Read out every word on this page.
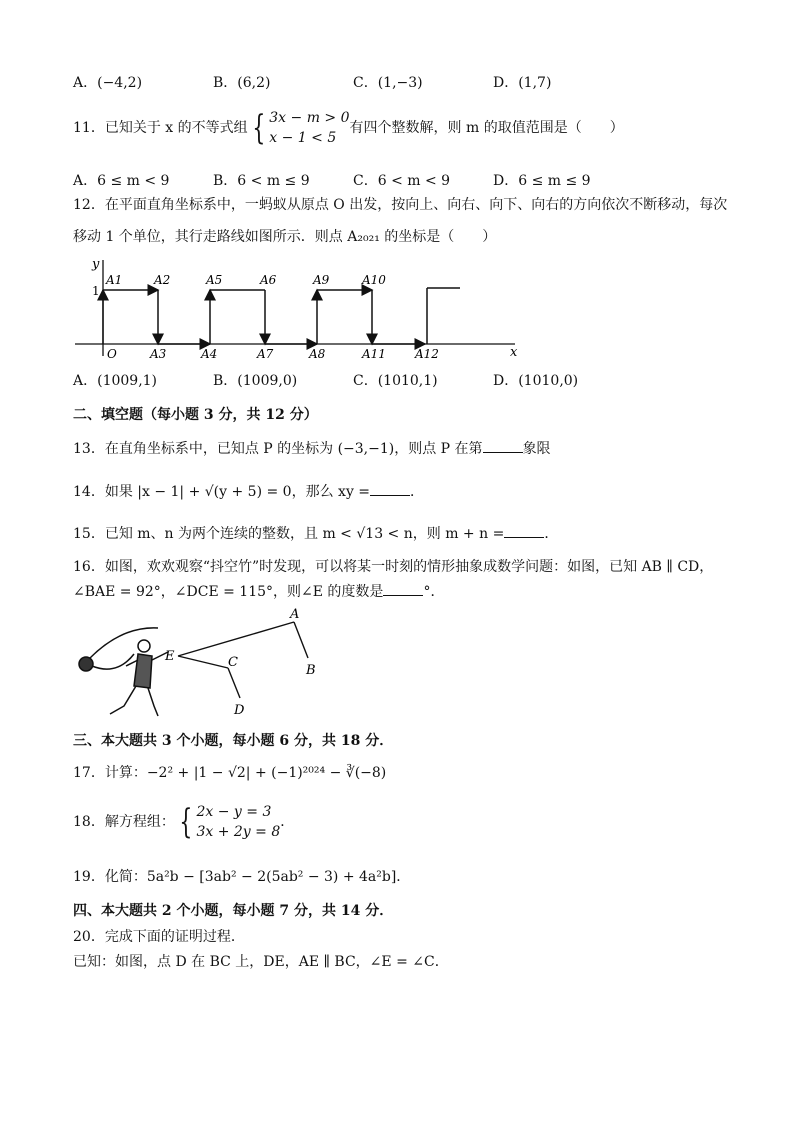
A．(−4,2)	B．(6,2)	C．(1,−3)	D．(1,7)
11．已知关于 x 的不等式组 { 3x − m > 0
x − 1 < 5有四个整数解，则 m 的取值范围是（　　）
A．6 ≤ m < 9	B．6 < m ≤ 9	C．6 < m < 9	D．6 ≤ m ≤ 9
12．在平面直角坐标系中，一蚂蚁从原点 O 出发，按向上、向右、向下、向右的方向依次不断移动，每次
移动 1 个单位，其行走路线如图所示．则点 A₂₀₂₁ 的坐标是（　　）
y
x
1
O
A1	A2	A5	A6	A9	A10
A3	A4	A7	A8	A11 A12
A．(1009,1)	B．(1009,0)	C．(1010,1)	D．(1010,0)
二、填空题（每小题 3 分，共 12 分）
13．在直角坐标系中，已知点 P 的坐标为 (−3,−1)，则点 P 在第	象限
14．如果 |x − 1| + √(y + 5) = 0，那么 xy =	．
15．已知 m、n 为两个连续的整数，且 m < √13 < n，则 m + n =	．
16．如图，欢欢观察“抖空竹”时发现，可以将某一时刻的情形抽象成数学问题：如图，已知 AB ∥ CD，
∠BAE = 92°，∠DCE = 115°，则∠E 的度数是	°．
E
A
B
C
D
三、本大题共 3 个小题，每小题 6 分，共 18 分．
17．计算：−2² + |1 − √2| + (−1)²⁰²⁴ − ∛(−8)
18．解方程组： { 2x − y = 3
3x + 2y = 8．
19．化简：5a²b − [3ab² − 2(5ab² − 3) + 4a²b]．
四、本大题共 2 个小题，每小题 7 分，共 14 分．
20．完成下面的证明过程．
已知：如图，点 D 在 BC 上，DE，AE ∥ BC，∠E = ∠C．
